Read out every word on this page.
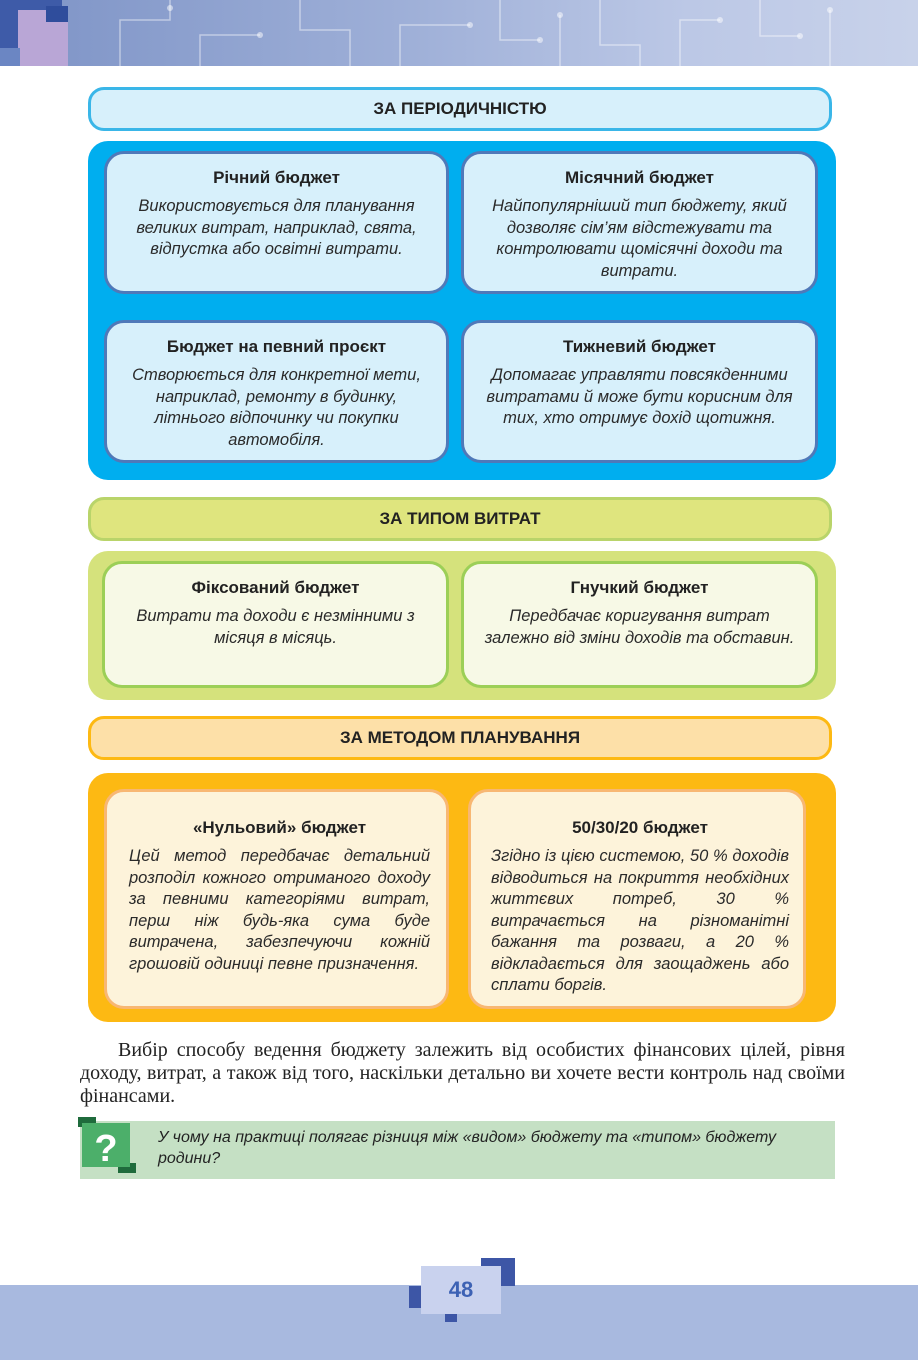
ЗА ПЕРІОДИЧНІСТЮ
Річний бюджет
Використовується для планування великих витрат, наприклад, свята, відпустка або освітні витрати.
Місячний бюджет
Найпопулярніший тип бюджету, який дозволяє сім’ям відстежувати та контролювати щомісячні доходи та витрати.
Бюджет на певний проєкт
Створюється для конкретної мети, наприклад, ремонту в будинку, літнього відпочинку чи покупки автомобіля.
Тижневий бюджет
Допомагає управляти повсякденними витратами й може бути корисним для тих, хто отримує дохід щотижня.
ЗА ТИПОМ ВИТРАТ
Фіксований бюджет
Витрати та доходи є незмінними з місяця в місяць.
Гнучкий бюджет
Передбачає коригування витрат залежно від зміни доходів та обставин.
ЗА МЕТОДОМ ПЛАНУВАННЯ
«Нульовий» бюджет
Цей метод передбачає детальний розподіл кожного отриманого доходу за певними категоріями витрат, перш ніж будь-яка сума буде витрачена, забезпечуючи кожній грошовій одиниці певне призначення.
50/30/20 бюджет
Згідно із цією системою, 50 % доходів відводиться на покриття необхідних життєвих потреб, 30 % витрачається на різноманітні бажання та розваги, а 20 % відкладається для заощаджень або сплати боргів.
Вибір способу ведення бюджету залежить від особистих фінансових цілей, рівня доходу, витрат, а також від того, наскільки детально ви хочете вести контроль над своїми фінансами.
?	У чому на практиці полягає різниця між «видом» бюджету та «типом» бюджету родини?
48
